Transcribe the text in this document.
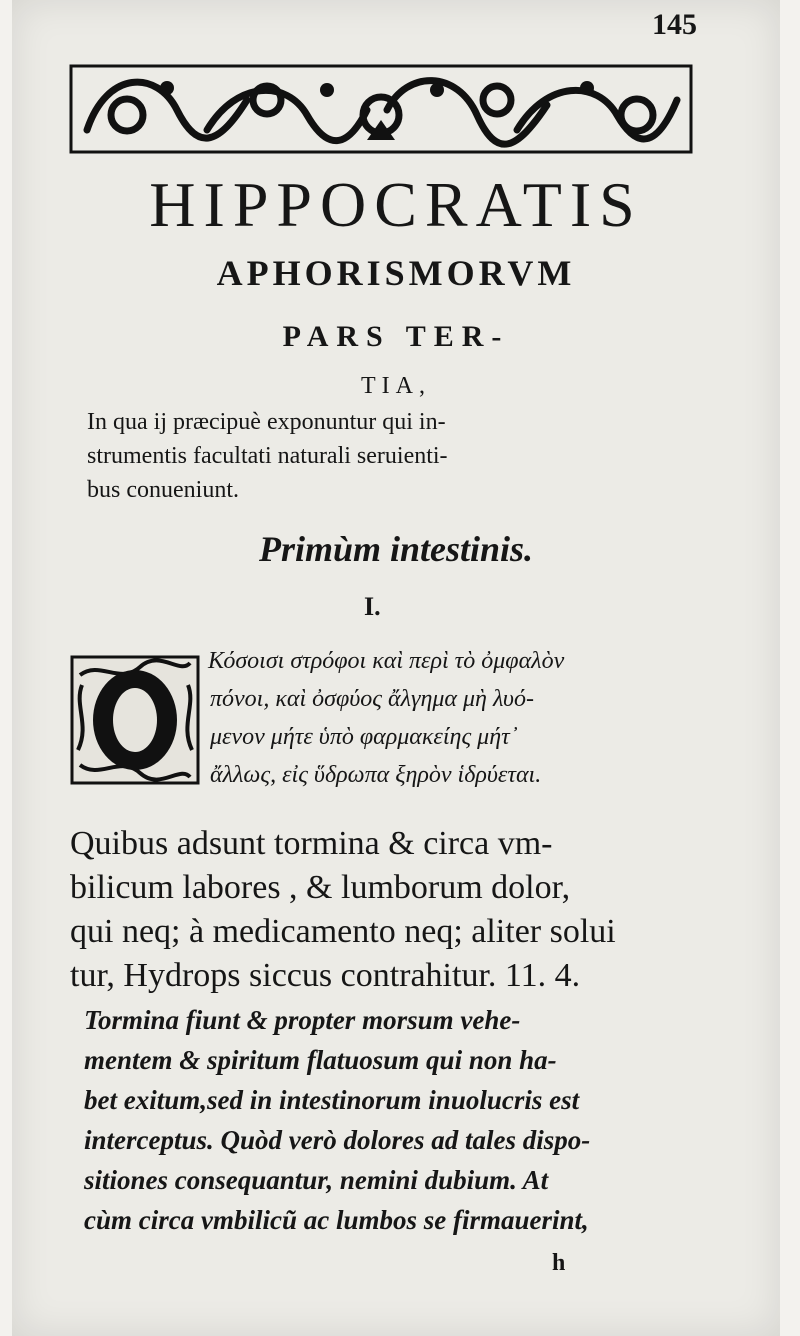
145
HIPPOCRATIS
APHORISMORVM
PARS TER-
TIA,
In qua ij præcipuè exponuntur qui in-
strumentis facultati naturali seruienti-
bus conueniunt.
Primùm intestinis.
I.
O
Κόσοισι στρόφοι καὶ περὶ τὸ ὀμφαλὸν
πόνοι, καὶ ὀσφύος ἄλγημα μὴ λυό-
μενον μήτε ὑπὸ φαρμακείης μήτ᾽
ἄλλως, εἰς ὕδρωπα ξηρὸν ἱδρύεται.
Quibus adsunt tormina & circa vm-
bilicum labores , & lumborum dolor,
qui neq; à medicamento neq; aliter solui
tur, Hydrops siccus contrahitur. 11. 4.
Tormina fiunt & propter morsum vehe-
mentem & spiritum flatuosum qui non ha-
bet exitum,sed in intestinorum inuolucris est
interceptus. Quòd verò dolores ad tales dispo-
sitiones consequantur, nemini dubium. At
cùm circa vmbilicũ ac lumbos se firmauerint,
h
